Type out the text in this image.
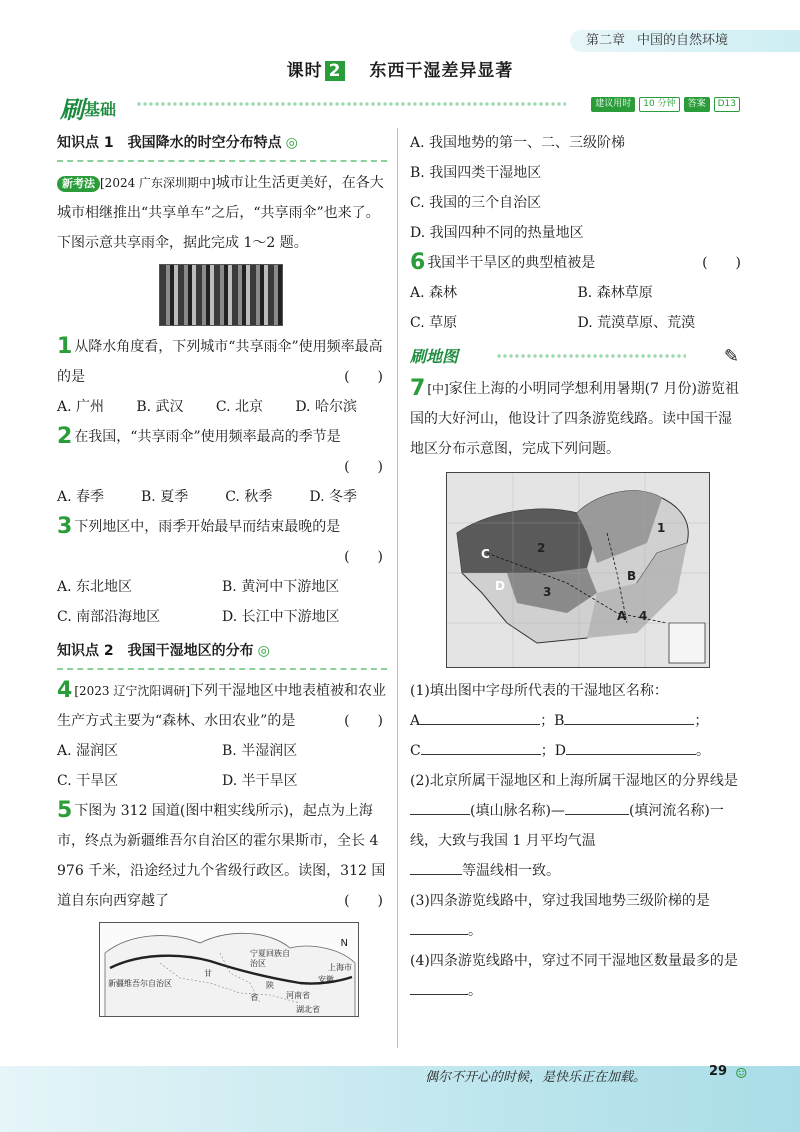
第二章 中国的自然环境
课时 2 东西干湿差异显著
刷基础	建议用时	10 分钟	答案	D13
知识点 1　我国降水的时空分布特点 ◎
新考法 [2024 广东深圳期中]城市让生活更美好，在各大城市相继推出“共享单车”之后，“共享雨伞”也来了。下图示意共享雨伞，据此完成 1～2 题。
1 从降水角度看，下列城市“共享雨伞”使用频率最高的是	(　　)
A. 广州 B. 武汉 C. 北京 D. 哈尔滨
2 在我国，“共享雨伞”使用频率最高的季节是
(　　)
A. 春季	B. 夏季	C. 秋季	D. 冬季
3 下列地区中，雨季开始最早而结束最晚的是
(　　)
A. 东北地区	B. 黄河中下游地区
C. 南部沿海地区	D. 长江中下游地区
知识点 2　我国干湿地区的分布 ◎
4 [2023 辽宁沈阳调研]下列干湿地区中地表植被和农业生产方式主要为“森林、水田农业”的是	(　　)
A. 湿润区	B. 半湿润区
C. 干旱区	D. 半干旱区
5 下图为 312 国道(图中粗实线所示)，起点为上海市，终点为新疆维吾尔自治区的霍尔果斯市，全长 4 976 千米，沿途经过九个省级行政区。读图，312 国道自东向西穿越了	(　　)
N
新疆维吾尔自治区
甘
宁夏回族自治区
陕
河南省
湖北省
安徽
上海市
省
A. 我国地势的第一、二、三级阶梯
B. 我国四类干湿地区
C. 我国的三个自治区
D. 我国四种不同的热量地区
6 我国半干旱区的典型植被是	(　　)
A. 森林	B. 森林草原
C. 草原	D. 荒漠草原、荒漠
刷地图	✎
7 [中]家住上海的小明同学想利用暑期(7 月份)游览祖国的大好河山，他设计了四条游览线路。读中国干湿地区分布示意图，完成下列问题。
A
B
C
D
1
2
3
4
(1)填出图中字母所代表的干湿地区名称：
A	；B	；
C	；D	。
(2)北京所属干湿地区和上海所属干湿地区的分界线是(填山脉名称)—	(填河流名称)一线，大致与我国 1 月平均气温
等温线相一致。
(3)四条游览线路中，穿过我国地势三级阶梯的是。
(4)四条游览线路中，穿过不同干湿地区数量最多的是。
偶尔不开心的时候，是快乐正在加载。	29 ☺
